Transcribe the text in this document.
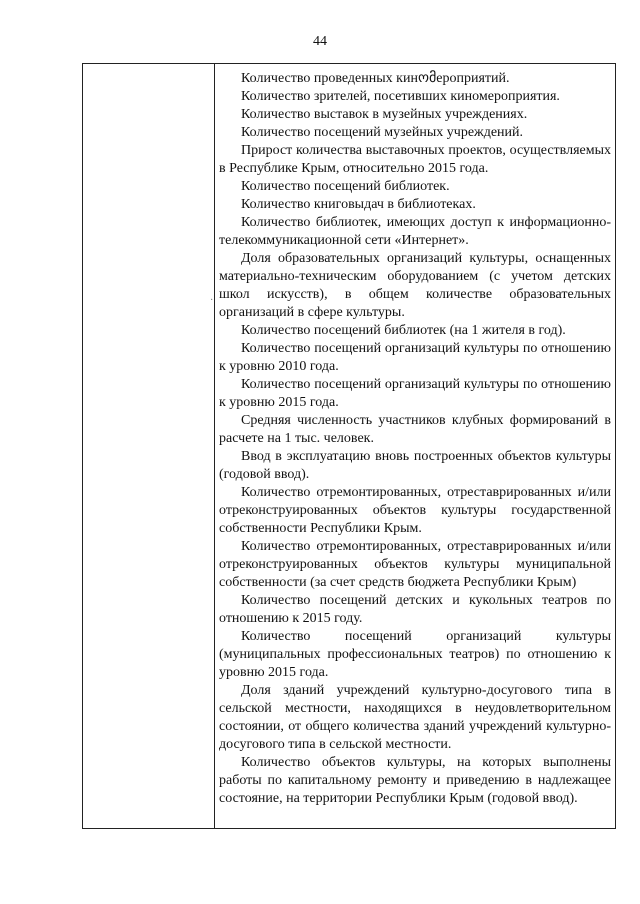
44

Количество проведенных кинომероприятий.

Количество зрителей, посетивших киномероприятия.

Количество выставок в музейных учреждениях.

Количество посещений музейных учреждений.

Прирост количества выставочных проектов, осуществляемых в Республике Крым, относительно 2015 года.

Количество посещений библиотек.

Количество книговыдач в библиотеках.

Количество библиотек, имеющих доступ к информационно-телекоммуникационной сети «Интернет».

Доля образовательных организаций культуры, оснащенных материально-техническим оборудованием (с учетом детских школ искусств), в общем количестве образовательных организаций в сфере культуры.

Количество посещений библиотек (на 1 жителя в год).

Количество посещений организаций культуры по отношению к уровню 2010 года.

Количество посещений организаций культуры по отношению к уровню 2015 года.

Средняя численность участников клубных формирований в расчете на 1 тыс. человек.

Ввод в эксплуатацию вновь построенных объектов культуры (годовой ввод).

Количество отремонтированных, отреставрированных и/или отреконструированных объектов культуры государственной собственности Республики Крым.

Количество отремонтированных, отреставрированных и/или отреконструированных объектов культуры муниципальной собственности (за счет средств бюджета Республики Крым)

Количество посещений детских и кукольных театров по отношению к 2015 году.

Количество посещений организаций культуры (муниципальных профессиональных театров) по отношению к уровню 2015 года.

Доля зданий учреждений культурно-досугового типа в сельской местности, находящихся в неудовлетворительном состоянии, от общего количества зданий учреждений культурно-досугового типа в сельской местности.

Количество объектов культуры, на которых выполнены работы по капитальному ремонту и приведению в надлежащее состояние, на территории Республики Крым (годовой ввод).

·
